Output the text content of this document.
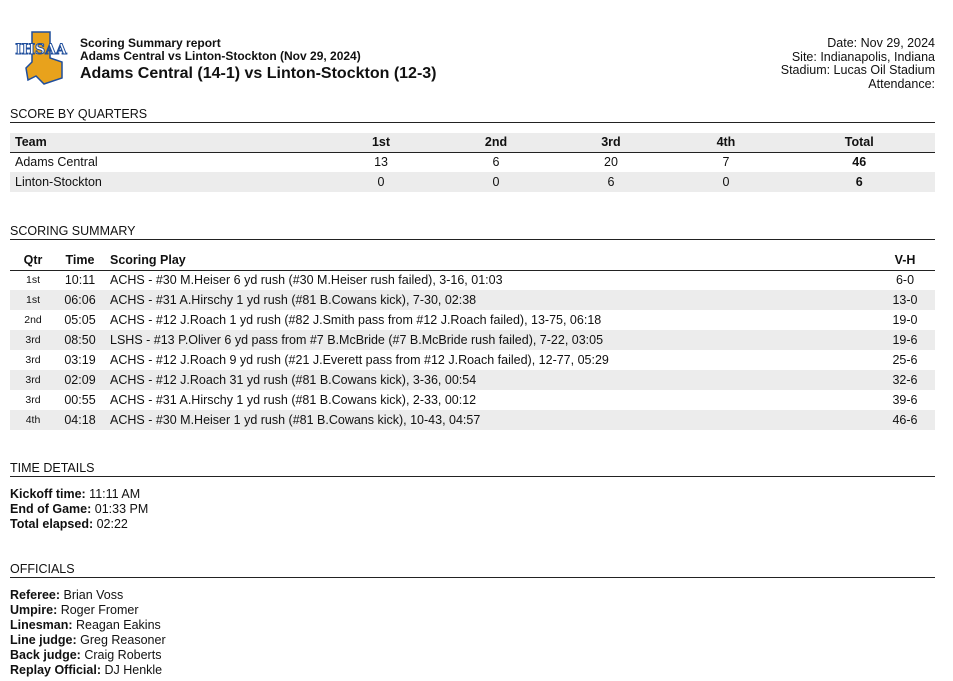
IHSAA Scoring Summary report
Adams Central vs Linton-Stockton (Nov 29, 2024)
Adams Central (14-1) vs Linton-Stockton (12-3)
Date: Nov 29, 2024
Site: Indianapolis, Indiana
Stadium: Lucas Oil Stadium
Attendance:
SCORE BY QUARTERS
Team	1st	2nd	3rd	4th	Total
Adams Central	13	6	20	7	46
Linton-Stockton	0	0	6	0	6
SCORING SUMMARY
Qtr	Time	Scoring Play	V-H
1st	10:11	ACHS - #30 M.Heiser 6 yd rush (#30 M.Heiser rush failed), 3-16, 01:03	6-0
1st	06:06	ACHS - #31 A.Hirschy 1 yd rush (#81 B.Cowans kick), 7-30, 02:38	13-0
2nd	05:05	ACHS - #12 J.Roach 1 yd rush (#82 J.Smith pass from #12 J.Roach failed), 13-75, 06:18	19-0
3rd	08:50	LSHS - #13 P.Oliver 6 yd pass from #7 B.McBride (#7 B.McBride rush failed), 7-22, 03:05	19-6
3rd	03:19	ACHS - #12 J.Roach 9 yd rush (#21 J.Everett pass from #12 J.Roach failed), 12-77, 05:29	25-6
3rd	02:09	ACHS - #12 J.Roach 31 yd rush (#81 B.Cowans kick), 3-36, 00:54	32-6
3rd	00:55	ACHS - #31 A.Hirschy 1 yd rush (#81 B.Cowans kick), 2-33, 00:12	39-6
4th	04:18	ACHS - #30 M.Heiser 1 yd rush (#81 B.Cowans kick), 10-43, 04:57	46-6
TIME DETAILS
Kickoff time: 11:11 AM
End of Game: 01:33 PM
Total elapsed: 02:22
OFFICIALS
Referee: Brian Voss
Umpire: Roger Fromer
Linesman: Reagan Eakins
Line judge: Greg Reasoner
Back judge: Craig Roberts
Replay Official: DJ Henkle
